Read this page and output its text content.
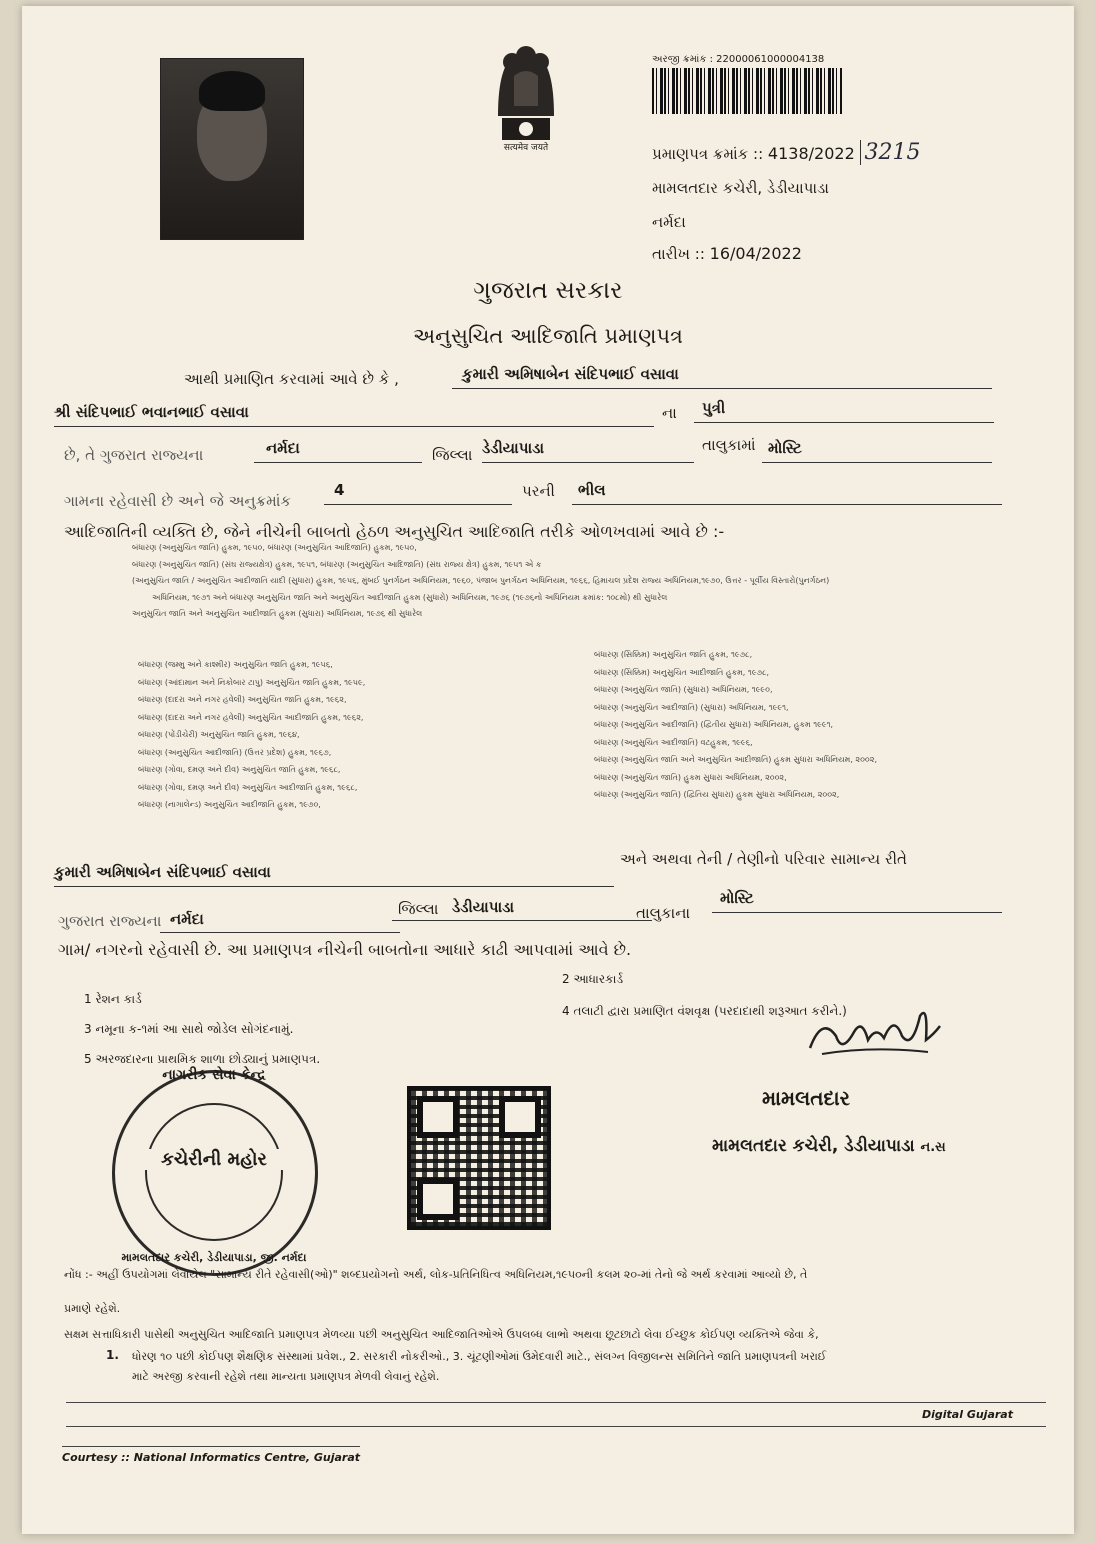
सत्यमेव जयते
અરજી ક્રમાંક : 22000061000004138
પ્રમાણપત્ર ક્રમાંક :: 4138/2022 3215
મામલતદાર કચેરી, ડેડીયાપાડા
નર્મદા
તારીખ :: 16/04/2022
ગુજરાત સરકાર
અનુસુચિત આદિજાતિ પ્રમાણપત્ર
આથી પ્રમાણિત કરવામાં આવે છે કે ,	કુમારી અમિષાબેન સંદિપભાઈ વસાવા
શ્રી સંદિપભાઈ ભવાનભાઈ વસાવા	ના	પુત્રી
છે, તે ગુજરાત રાજ્યના	નર્મદા	જિલ્લા ડેડીયાપાડા	તાલુકામાં મોસ્ટિ
ગામના રહેવાસી છે અને જે અનુક્રમાંક
4	પરની	ભીલ
આદિજાતિની વ્યક્તિ છે, જેને નીચેની બાબતો હેઠળ અનુસુચિત આદિજાતિ તરીકે ઓળખવામાં આવે છે :-
બંધારણ (અનુસુચિત જાતિ) હુકમ, ૧૯૫૦, બંધારણ (અનુસુચિત આદિજાતિ) હુકમ, ૧૯૫૦,
બંધારણ (અનુસુચિત જાતિ) (સંઘ રાજ્યક્ષેત્ર) હુકમ, ૧૯૫૧, બંધારણ (અનુસુચિત આદિજાતિ) (સંઘ રાજ્ય ક્ષેત્ર) હુકમ, ૧૯૫૧ એ ક
(અનુસુચિત જાતિ / અનુસુચિત આદીજાતિ યાદી (સુધારા) હુકમ, ૧૯૫૬, મુંબઈ પુનર્ગઠન અધિનિયમ, ૧૯૬૦, પંજાબ પુનર્ગઠન અધિનિયમ, ૧૯૬૬, હિમાચલ પ્રદેશ રાજ્ય અધિનિયમ,૧૯૭૦, ઉત્તર - પૂર્વીય વિસ્તારો(પુનર્ગઠન)
અધિનિયમ, ૧૯૭૧ અને બંધારણ અનુસુચિત જાતિ અને અનુસુચિત આદીજાતિ હુકમ (સુધારો) અધિનિયમ, ૧૯૭૬ (૧૯૭૬નો અધિનિયમ ક્રમાંક: ૧૦૮મો) થી સુધારેલ
અનુસુચિત જાતિ અને અનુસુચિત આદીજાતિ હુકમ (સુધારા) અધિનિયમ, ૧૯૭૬ થી સુધારેલ
બંધારણ (જમ્મુ અને કાશ્મીર) અનુસુચિત જાતિ હુકમ, ૧૯૫૬,
બંધારણ (આંદામાન અને નિકોબાર ટાપુ) અનુસુચિત જાતિ હુકમ, ૧૯૫૯,
બંધારણ (દાદરા અને નગર હવેલી) અનુસુચિત જાતિ હુકમ, ૧૯૬૨,
બંધારણ (દાદરા અને નગર હવેલી) અનુસુચિત આદીજાતિ હુકમ, ૧૯૬૨,
બંધારણ (પોંડીચેરી) અનુસુચિત જાતિ હુકમ, ૧૯૬૪,
બંધારણ (અનુસુચિત આદીજાતિ) (ઉત્તર પ્રદેશ) હુકમ, ૧૯૬૭,
બંધારણ (ગોવા, દમણ અને દીવ) અનુસુચિત જાતિ હુકમ, ૧૯૬૮,
બંધારણ (ગોવા, દમણ અને દીવ) અનુસુચિત આદીજાતિ હુકમ, ૧૯૬૮,
બંધારણ (નાગાલેન્ડ) અનુસુચિત આદીજાતિ હુકમ, ૧૯૭૦,
બંધારણ (સિક્કિમ) અનુસુચિત જાતિ હુકમ, ૧૯૭૮,
બંધારણ (સિક્કિમ) અનુસુચિત આદીજાતિ હુકમ, ૧૯૭૮,
બંધારણ (અનુસુચિત જાતિ) (સુધારા) અધિનિયમ, ૧૯૯૦,
બંધારણ (અનુસુચિત આદીજાતિ) (સુધારા) અધિનિયમ, ૧૯૯૧,
બંધારણ (અનુસુચિત આદીજાતિ) (દ્વિતીય સુધારા) અધિનિયમ, હુકમ ૧૯૯૧,
બંધારણ (અનુસુચિત આદીજાતિ) વટહુકમ, ૧૯૯૬,
બંધારણ (અનુસુચિત જાતિ અને અનુસુચિત આદીજાતિ) હુકમ સુધારા અધિનિયમ, ૨૦૦૨,
બંધારણ (અનુસુચિત જાતિ) હુકમ સુધારા અધિનિયમ, ૨૦૦૨,
બંધારણ (અનુસુચિત જાતિ) (દ્વિતિય સુધારા) હુકમ સુધારા અધિનિયમ, ૨૦૦૨,
અને અથવા તેની / તેણીનો પરિવાર સામાન્ય રીતે
કુમારી અમિષાબેન સંદિપભાઈ વસાવા
ગુજરાત રાજ્યના નર્મદા
જિલ્લા ડેડીયાપાડા	તાલુકાના
મોસ્ટિ
ગામ/ નગરનો રહેવાસી છે. આ પ્રમાણપત્ર નીચેની બાબતોના આધારે કાઢી આપવામાં આવે છે.
1 રેશન કાર્ડ
2 આધારકાર્ડ
3 નમૂના ક-૧માં આ સાથે જોડેલ સોગંદનામું.
4 તલાટી દ્વારા પ્રમાણિત વંશવૃક્ષ (પરદાદાથી શરૂઆત કરીને.)
5 અરજદારના પ્રાથમિક શાળા છોડ્યાનું પ્રમાણપત્ર.
મામલતદાર
મામલતદાર કચેરી, ડેડીયાપાડા ન.સ
નાગરીક સેવા કેન્દ્ર
કચેરીની મહોર
મામલતદાર કચેરી, ડેડીયાપાડા, જી. નર્મદા
નોંધ :- અહીં ઉપયોગમાં લેવાયેલ "સામાન્ય રીતે રહેવાસી(ઓ)" શબ્દપ્રયોગનો અર્થ, લોક-પ્રતિનિધિત્વ અધિનિયમ,૧૯૫૦ની કલમ ૨૦-માં તેનો જે અર્થ કરવામાં આવ્યો છે, તે
પ્રમાણે રહેશે.
સક્ષમ સત્તાધિકારી પાસેથી અનુસુચિત આદિજાતિ પ્રમાણપત્ર મેળવ્યા પછી અનુસુચિત આદિજાતિઓએ ઉપલબ્ધ લાભો અથવા છૂટછાટો લેવા ઈચ્છુક કોઈપણ વ્યક્તિએ જેવા કે,
1. ધોરણ ૧૦ પછી કોઈપણ શૈક્ષણિક સંસ્થામાં પ્રવેશ., 2. સરકારી નોકરીઓ., 3. ચૂંટણીઓમાં ઉમેદવારી માટે., સંલગ્ન વિજીલન્સ સમિતિને જાતિ પ્રમાણપત્રની ખરાઈ
માટે અરજી કરવાની રહેશે તથા માન્યતા પ્રમાણપત્ર મેળવી લેવાનું રહેશે.
Digital Gujarat
Courtesy :: National Informatics Centre, Gujarat
